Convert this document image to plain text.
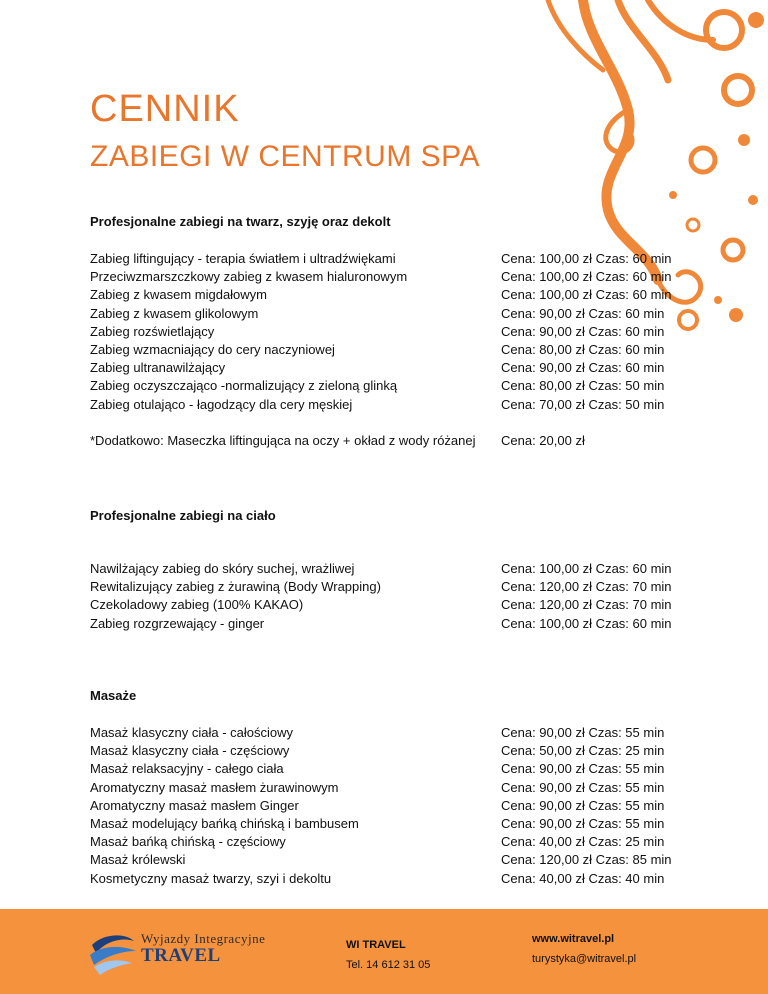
CENNIK
ZABIEGI W CENTRUM SPA

Profesjonalne zabiegi na twarz, szyję oraz dekolt

Zabieg liftingujący - terapia światłem i ultradźwiękami	Cena: 100,00 zł Czas: 60 min
Przeciwzmarszczkowy zabieg z kwasem hialuronowym	Cena: 100,00 zł Czas: 60 min
Zabieg z kwasem migdałowym	Cena: 100,00 zł Czas: 60 min
Zabieg z kwasem glikolowym	Cena: 90,00 zł Czas: 60 min
Zabieg rozświetlający	Cena: 90,00 zł Czas: 60 min
Zabieg wzmacniający do cery naczyniowej	Cena: 80,00 zł Czas: 60 min
Zabieg ultranawilżający	Cena: 90,00 zł Czas: 60 min
Zabieg oczyszczająco -normalizujący z zieloną glinką	Cena: 80,00 zł Czas: 50 min
Zabieg otulająco - łagodzący dla cery męskiej	Cena: 70,00 zł Czas: 50 min
*Dodatkowo: Maseczka liftingująca na oczy + okład z wody różanej Cena: 20,00 zł

Profesjonalne zabiegi na ciało

Nawilżający zabieg do skóry suchej, wrażliwej	Cena: 100,00 zł Czas: 60 min
Rewitalizujący zabieg z żurawiną (Body Wrapping)	Cena: 120,00 zł Czas: 70 min
Czekoladowy zabieg (100% KAKAO)	Cena: 120,00 zł Czas: 70 min
Zabieg rozgrzewający - ginger	Cena: 100,00 zł Czas: 60 min

Masaże

Masaż klasyczny ciała - całościowy	Cena: 90,00 zł Czas: 55 min
Masaż klasyczny ciała - częściowy	Cena: 50,00 zł Czas: 25 min
Masaż relaksacyjny - całego ciała	Cena: 90,00 zł Czas: 55 min
Aromatyczny masaż masłem żurawinowym	Cena: 90,00 zł Czas: 55 min
Aromatyczny masaż masłem Ginger	Cena: 90,00 zł Czas: 55 min
Masaż modelujący bańką chińską i bambusem	Cena: 90,00 zł Czas: 55 min
Masaż bańką chińską - częściowy	Cena: 40,00 zł Czas: 25 min
Masaż królewski	Cena: 120,00 zł Czas: 85 min
Kosmetyczny masaż twarzy, szyi i dekoltu	Cena: 40,00 zł Czas: 40 min
Wyjazdy Integracyjne
TRAVEL	WI TRAVEL
Tel. 14 612 31 05
www.witravel.pl
turystyka@witravel.pl
